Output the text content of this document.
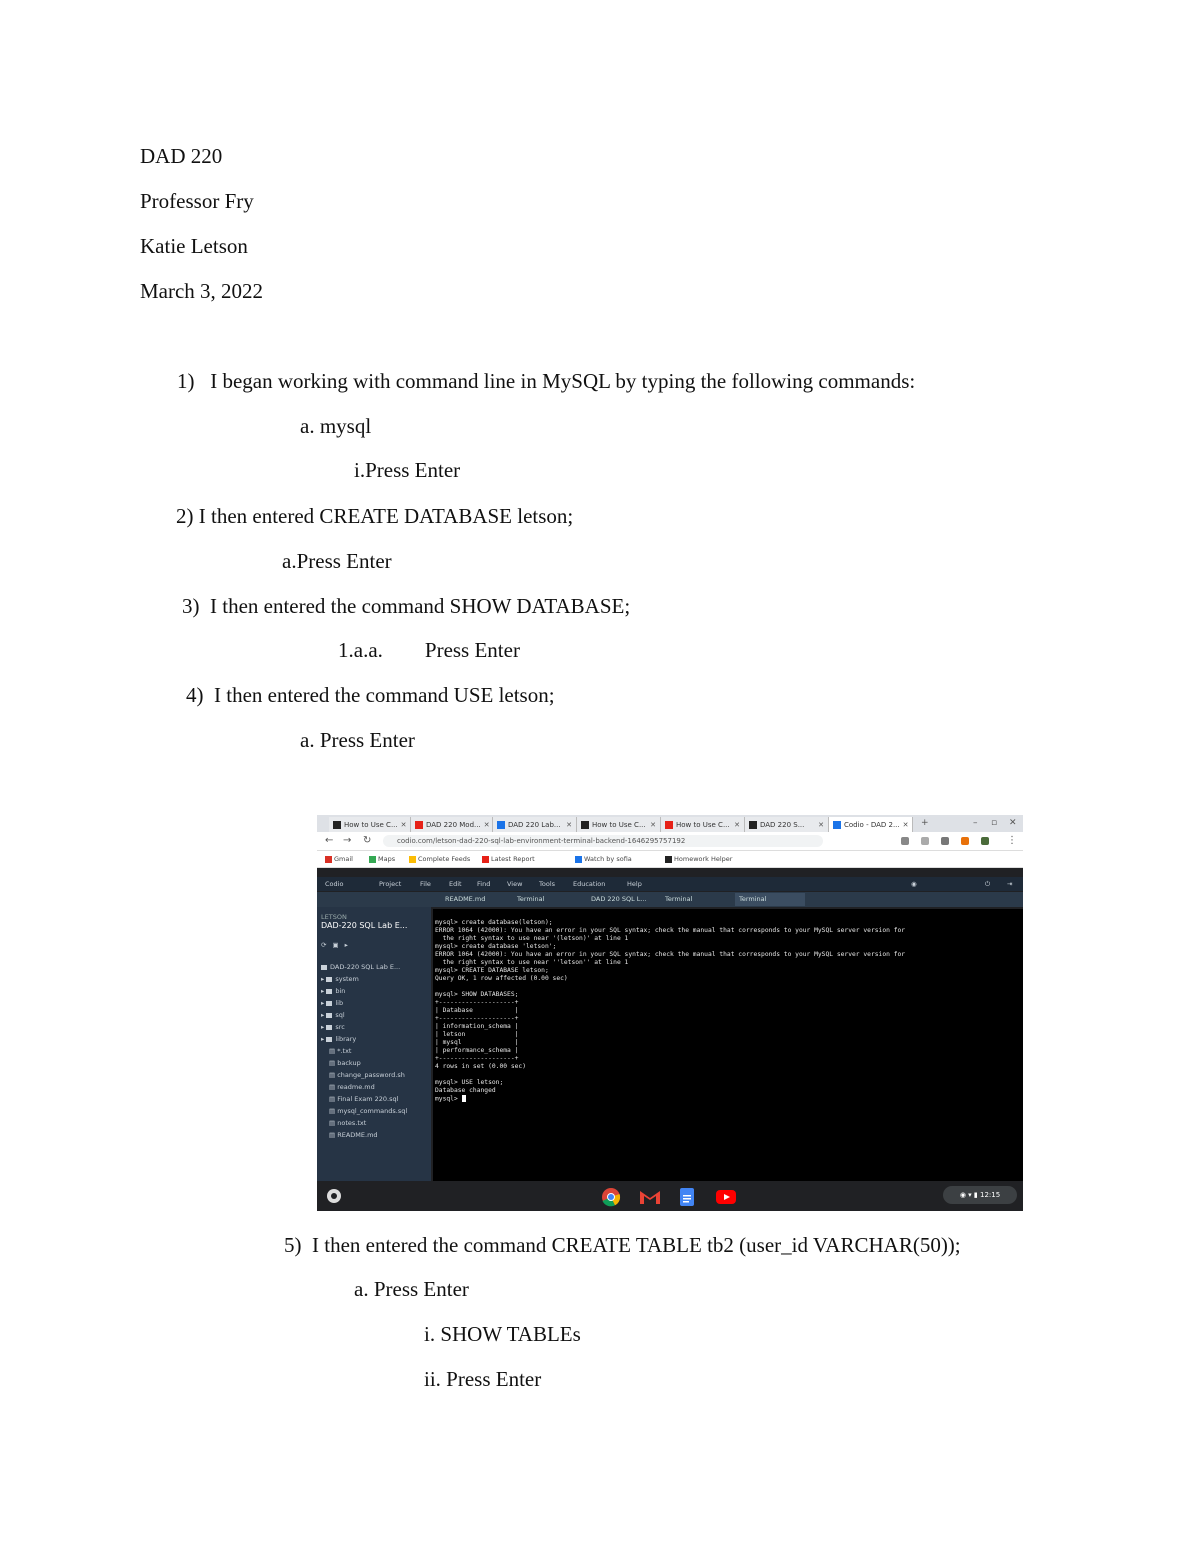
DAD 220
Professor Fry
Katie Letson
March 3, 2022
1)   I began working with command line in MySQL by typing the following commands:
a. mysql
i.Press Enter
2) I then entered CREATE DATABASE letson;
a.Press Enter
3)  I then entered the command SHOW DATABASE;
1.a.a.        Press Enter
4)  I then entered the command USE letson;
a. Press Enter
How to Use C... ✕	DAD 220 Mod... ✕	DAD 220 Lab... ✕	How to Use C... ✕	How to Use C... ✕	DAD 220 S...	✕	Codio - DAD 2... ✕ +	– ▫ ✕
← → ↻	codio.com/letson-dad-220-sql-lab-environment-terminal-backend-1646295757192	⋮
Gmail	Maps	Complete Feeds	Latest Report	Watch by sofia	Homework Helper
Codio	Project	File	Edit Find	View	Tools	Education	Help	◉	⏻	⇥
README.md	Terminal	DAD 220 SQL L...	Terminal	Terminal
LETSON
DAD-220 SQL Lab E...
⟳▣▸
DAD-220 SQL Lab E...
▸ system
▸ bin
▸ lib
▸ sql
▸ src
▸ library
▤ *.txt
▤ backup
▤ change_password.sh
▤ readme.md
▤ Final Exam 220.sql
▤ mysql_commands.sql
▤ notes.txt
▤ README.md
mysql> create database(letson);
ERROR 1064 (42000): You have an error in your SQL syntax; check the manual that corresponds to your MySQL server version for
the right syntax to use near '(letson)' at line 1
mysql> create database 'letson';
ERROR 1064 (42000): You have an error in your SQL syntax; check the manual that corresponds to your MySQL server version for
the right syntax to use near ''letson'' at line 1
mysql> CREATE DATABASE letson;
Query OK, 1 row affected (0.00 sec)
mysql> SHOW DATABASES;
+--------------------+
| Database           |
+--------------------+
| information_schema |
| letson             |
| mysql              |
| performance_schema |
+--------------------+
4 rows in set (0.00 sec)
mysql> USE letson;
Database changed
mysql>
◉ ▾ ▮ 12:15
5)  I then entered the command CREATE TABLE tb2 (user_id VARCHAR(50));
a. Press Enter
i. SHOW TABLEs
ii. Press Enter
